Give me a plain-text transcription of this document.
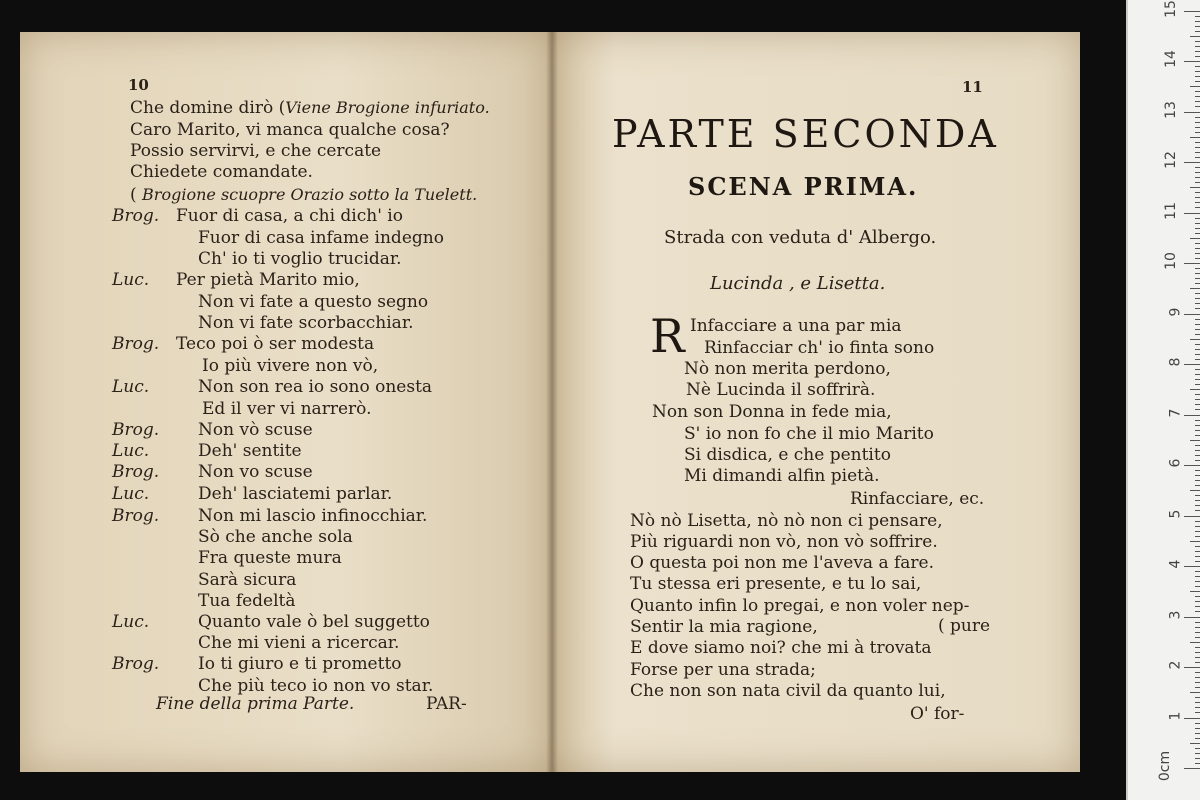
10
Che domine dirò (Viene Brogione infuriato.
Caro Marito, vi manca qualche cosa?
Possio servirvi, e che cercate
Chiedete comandate.
( Brogione scuopre Orazio sotto la Tuelett.
Brog. Fuor di casa, a chi dich' io
Fuor di casa infame indegno
Ch' io ti voglio trucidar.
Luc. Per pietà Marito mio,
Non vi fate a questo segno
Non vi fate scorbacchiar.
Brog. Teco poi ò ser modesta
Io più vivere non vò,
Luc.	Non son rea io sono onesta
Ed il ver vi narrerò.
Brog. Non vò scuse
Luc.	Deh' sentite
Brog. Non vo scuse
Luc.	Deh' lasciatemi parlar.
Brog. Non mi lascio infinocchiar.
Sò che anche sola
Fra queste mura
Sarà sicura
Tua fedeltà
Luc.	Quanto vale ò bel suggetto
Che mi vieni a ricercar.
Brog. Io ti giuro e ti prometto
Che più teco io non vo star.
Fine della prima Parte.	PAR-
11
PARTE SECONDA
SCENA PRIMA.
Strada con veduta d' Albergo.
Lucinda , e Lisetta.
R Infacciare a una par mia
Rinfacciar ch' io finta sono
Nò non merita perdono,
Nè Lucinda il soffrirà.
Non son Donna in fede mia,
S' io non fo che il mio Marito
Si disdica, e che pentito
Mi dimandi alfin pietà.
Rinfacciare, ec.
Nò nò Lisetta, nò nò non ci pensare,
Più riguardi non vò, non vò soffrire.
O questa poi non me l'aveva a fare.
Tu stessa eri presente, e tu lo sai,
Quanto infin lo pregai, e non voler nep-
Sentir la mia ragione,
E dove siamo noi? che mi à trovata
Forse per una strada;
Che non son nata civil da quanto lui,
( pure
O' for-
0cm
1
2
3
4
5
6
7
8
9
10
11
12
13
14
15
